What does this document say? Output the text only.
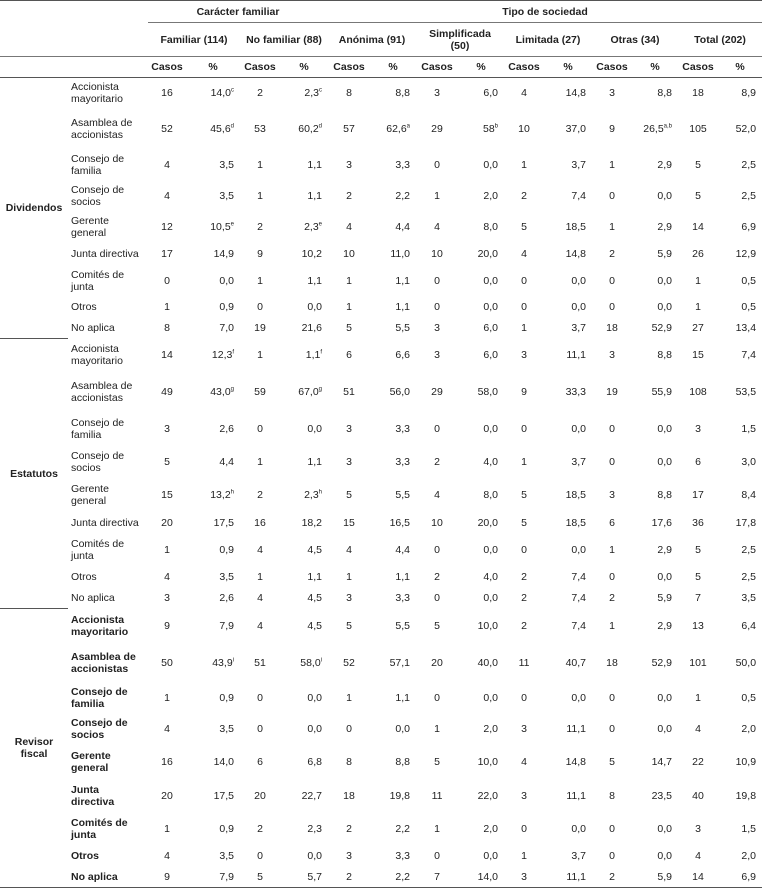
		Carácter familiar				Tipo de sociedad									
		Familiar (114)		No familiar (88)		Anónima (91)		Simplificada (50)		Limitada (27)		Otras (34)		Total (202)	
		Casos	%	Casos	%	Casos	%	Casos	%	Casos	%	Casos	%	Casos	%
Dividendos	Accionista mayoritario	16	14,0$^c$	2	2,3$^c$	8	8,8	3	6,0	4	14,8	3	8,8	18	8,9
	Asamblea de accionistas	52	45,6$^d$	53	60,2$^d$	57	62,6$^a$	29	58$^b$	10	37,0	9	26,5$^{a,b}$	105	52,0
	Consejo de familia	4	3,5	1	1,1	3	3,3	0	0,0	1	3,7	1	2,9	5	2,5
	Consejo de socios	4	3,5	1	1,1	2	2,2	1	2,0	2	7,4	0	0,0	5	2,5
	Gerente general	12	10,5e	2	2,3e	4	4,4	4	8,0	5	18,5	1	2,9	14	6,9
	Junta directiva	17	14,9	9	10,2	10	11,0	10	20,0	4	14,8	2	5,9	26	12,9
	Comités de junta	0	0,0	1	1,1	1	1,1	0	0,0	0	0,0	0	0,0	1	0,5
	Otros	1	0,9	0	0,0	1	1,1	0	0,0	0	0,0	0	0,0	1	0,5
	No aplica	8	7,0	19	21,6	5	5,5	3	6,0	1	3,7	18	52,9	27	13,4
Estatutos	Accionista mayoritario	14	12,3$^f$	1	1,1$^f$	6	6,6	3	6,0	3	11,1	3	8,8	15	7,4
	Asamblea de accionistas	49	43,0$^g$	59	67,0$^g$	51	56,0	29	58,0	9	33,3	19	55,9	108	53,5
	Consejo de familia	3	2,6	0	0,0	3	3,3	0	0,0	0	0,0	0	0,0	3	1,5
	Consejo de socios	5	4,4	1	1,1	3	3,3	2	4,0	1	3,7	0	0,0	6	3,0
	Gerente general	15	13,2$^h$	2	2,3$^h$	5	5,5	4	8,0	5	18,5	3	8,8	17	8,4
	Junta directiva	20	17,5	16	18,2	15	16,5	10	20,0	5	18,5	6	17,6	36	17,8
	Comités de junta	1	0,9	4	4,5	4	4,4	0	0,0	0	0,0	1	2,9	5	2,5
	Otros	4	3,5	1	1,1	1	1,1	2	4,0	2	7,4	0	0,0	5	2,5
	No aplica	3	2,6	4	4,5	3	3,3	0	0,0	2	7,4	2	5,9	7	3,5
Revisor fiscal	Accionista mayoritario	9	7,9	4	4,5	5	5,5	5	10,0	2	7,4	1	2,9	13	6,4
	Asamblea de accionistas	50	43,9$^i$	51	58,0$^i$	52	57,1	20	40,0	11	40,7	18	52,9	101	50,0
	Consejo de familia	1	0,9	0	0,0	1	1,1	0	0,0	0	0,0	0	0,0	1	0,5
	Consejo de socios	4	3,5	0	0,0	0	0,0	1	2,0	3	11,1	0	0,0	4	2,0
	Gerente general	16	14,0	6	6,8	8	8,8	5	10,0	4	14,8	5	14,7	22	10,9
	Junta directiva	20	17,5	20	22,7	18	19,8	11	22,0	3	11,1	8	23,5	40	19,8
	Comités de junta	1	0,9	2	2,3	2	2,2	1	2,0	0	0,0	0	0,0	3	1,5
	Otros	4	3,5	0	0,0	3	3,3	0	0,0	1	3,7	0	0,0	4	2,0
	No aplica	9	7,9	5	5,7	2	2,2	7	14,0	3	11,1	2	5,9	14	6,9
